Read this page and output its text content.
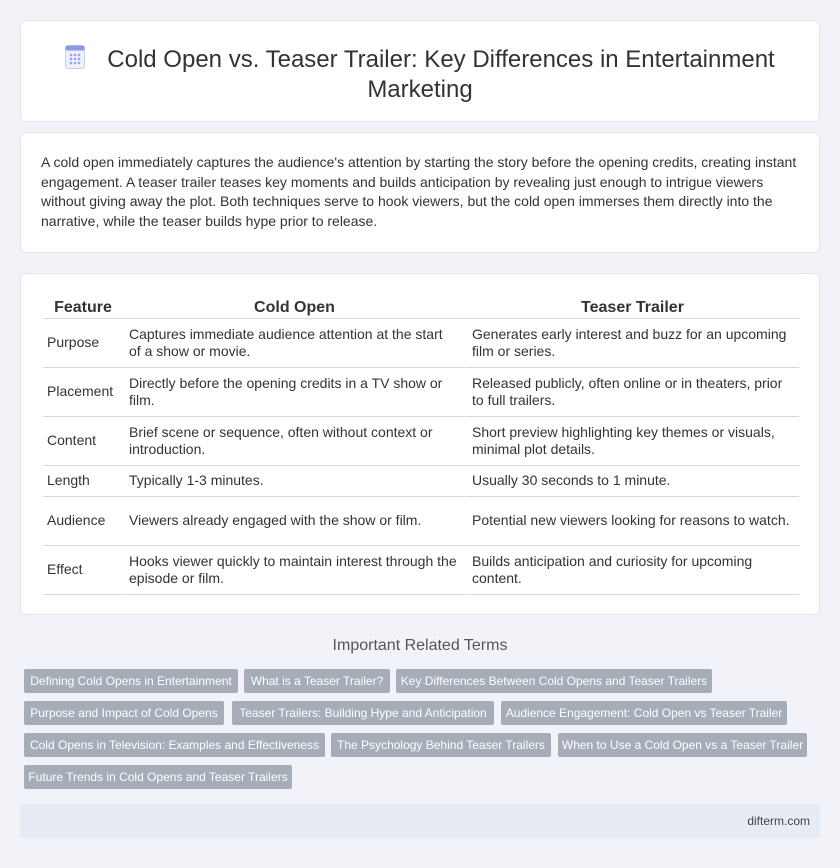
Cold Open vs. Teaser Trailer: Key Differences in Entertainment Marketing

A cold open immediately captures the audience's attention by starting the story before the opening credits, creating instant engagement. A teaser trailer teases key moments and builds anticipation by revealing just enough to intrigue viewers without giving away the plot. Both techniques serve to hook viewers, but the cold open immerses them directly into the narrative, while the teaser builds hype prior to release.

Feature	Cold Open	Teaser Trailer
Purpose	Captures immediate audience attention at the start of a show or movie.	Generates early interest and buzz for an upcoming film or series.
Placement	Directly before the opening credits in a TV show or film.	Released publicly, often online or in theaters, prior to full trailers.
Content	Brief scene or sequence, often without context or introduction.	Short preview highlighting key themes or visuals, minimal plot details.
Length	Typically 1-3 minutes.	Usually 30 seconds to 1 minute.
Audience	Viewers already engaged with the show or film.	Potential new viewers looking for reasons to watch.
Effect	Hooks viewer quickly to maintain interest through the episode or film.	Builds anticipation and curiosity for upcoming content.
Important Related Terms
Defining Cold Opens in Entertainment	What is a Teaser Trailer?	Key Differences Between Cold Opens and Teaser Trailers
Purpose and Impact of Cold Opens	Teaser Trailers: Building Hype and Anticipation	Audience Engagement: Cold Open vs Teaser Trailer
Cold Opens in Television: Examples and Effectiveness	The Psychology Behind Teaser Trailers	When to Use a Cold Open vs a Teaser Trailer
Future Trends in Cold Opens and Teaser Trailers
difterm.com
